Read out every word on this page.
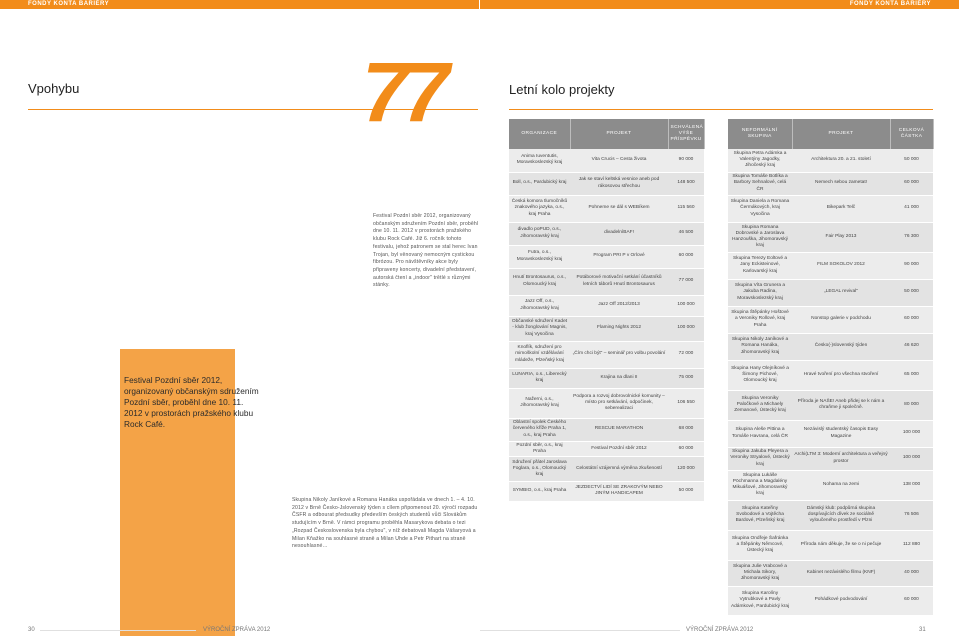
FONDY KONTA BARIÉRY	FONDY KONTA BARIÉRY
Vpohybu	Letní kolo projekty
77
Festival Pozdní sběr 2012, organizovaný občanským sdružením Pozdní sběr, proběhl dne 10. 11. 2012 v prostorách pražského klubu Rock Café.
Festival Pozdní sběr 2012, organizovaný občanským sdružením Pozdní sběr, proběhl dne 10. 11. 2012 v prostorách pražského klubu Rock Café. Již 6. ročník tohoto festivalu, jehož patronem se stal herec Ivan Trojan, byl věnovaný nemocným cystickou fibrózou. Pro návštěvníky akce byly připraveny koncerty, divadelní představení, autorská čtení a „indoor" trětlé s různými stánky.
Skupina Nikoly Janíkové a Romana Hanáka uspořádala ve dnech 1. – 4. 10. 2012 v Brně Česko-Jslovenský týden s cílem připomenout 20. výročí rozpadu ČSFR a odbourat předsudky především českých studentů vůči Slovákům studujícím v Brně. V rámci programu proběhla Masarykova debata o tezi „Rozpad Československa byla chybou", v níž debatovali Magda Vášaryová a Milan Kňažko na souhlasné straně a Milan Uhde a Petr Pithart na straně nesouhlasné…
ORGANIZACE	PROJEKT	SCHVÁLENÁ VÝŠE PŘÍSPĚVKU
Anima Iuventutis, Moravskoslezský kraj	Vita Crucis – Cesta života	90 000
Boll, o.s., Pardubický kraj	Jak se staví keltská vesnice aneb pod rákosovou střechou	148 500
Česká komora tlumočníků znakového jazyka, o.s., kraj Praha	Pohneme se dál s WEBíkem	115 560
divadlo poPUD, o.s., Jihomoravský kraj	divadelníBAF!	46 500
Futra, o.s., Moravskoslezský kraj	Program PRI P v Orlové	60 000
Hnutí Brontosaurus, o.s., Olomoucký kraj	Potáborové motivační setkání účastníků letních táborů Hnutí Brontosaurus	77 000
Jazz Off, o.s., Jihomoravský kraj	Jazz Off 2012/2013	100 000
Občanské sdružení Kadet - klub žonglování Magnis, kraj Vysočina	Flaming Nights 2012	100 000
Knoflík, sdružení pro mimoškolní vzdělávání mládeže, Plzeňský kraj	„Čím chci být" – seminář pro volbu povolání	72 000
LUNARIA, o.s., Liberecký kraj	Krajina na dlani II	75 000
Nažerni, o.s., Jihomoravský kraj	Podpora a rozvoj dobrovolnické komunity – místo pro setkávání, odpočinek, seberealizaci	106 550
Oblastní spolek Českého červeného kříže Praha 1, o.s., kraj Praha	RESCUE MARATHON	68 000
Pozdní sběr, o.s., kraj Praha	Festival Pozdní sběr 2012	60 000
Sdružení přátel Jaroslava Foglara, o.s., Olomoucký kraj	Celostátní vzájemná výměna zkušeností	120 000
SYMBIO, o.s., kraj Praha	JEZDECTVÍ LIDÍ SE ZRAKOVÝM NEBO JINÝM HANDICAPEM	50 000
NEFORMÁLNÍ SKUPINA	PROJEKT	CELKOVÁ ČÁSTKA
Skupina Petra Adámka a Valentýny Jagodky, Jihočeský kraj	Architektura 20. a 21. století	50 000
Skupina Tomáše Botlíka a Barbory Sehnalové, celá ČR	Nemech sebou zametat!	60 000
Skupina Daniela a Romana Čermákových, kraj Vysočina	Bikepark Telč	41 000
Skupina Romana Dobrovské a Jaroslava Hanzouška, Jihomoravský kraj	Fair Play 2013	76 300
Skupina Terezy Eoltové a Jany Eckisteinové, Karlovarský kraj	FILM SOKOLOV 2012	90 000
Skupina Víta Grunera a Jakuba Radina, Moravskoslezský kraj	„LEGAL revival"	50 000
Skupina Štěpánky Hoštové a Veroniky Rollové, kraj Praha	Nonstop galerie v podchodu	60 000
Skupina Nikoly Janíkové a Romana Hanáka, Jihomoravský kraj	Česko(-)slovenský týden	46 620
Skupina Hany Olejníkové a Šimony Pichové, Olomoucký kraj	Hravé tvoření pro všechna stvoření	65 000
Skupina Veroniky Paločkové a Michaely Zemanové, Ústecký kraj	Příroda je NAŠE! Aneb přidej se k nám a chraňme ji společně.	80 000
Skupina Aleše Pittina a Tomáše Havrana, celá ČR	Nezávislý studentský časopis Easy Magazine	100 000
Skupina Jakuba Pleyera a Veroniky Stryalové, Ústecký kraj	Archi(LTM 3: Moderní architektura a veřejný prostor	100 000
Skupina Lukáše Pöchmanna a Magdalény Mikuášové, Jihomoravský kraj	Nohama na zemi	138 000
Skupina Kateřiny Svobodové a Vojtěcha Bardové, Plzeňský kraj	Dámský klub: podpůrná skupina dospívajících dívek ze sociálně vyloučeného prostředí v Plzni	76 506
Skupina Ondřeje Šafránka a Štěpánky Němcové, Ústecký kraj	Příroda nám děkuje, že se o ni pečuje	112 880
Skupina Julie Vrabcové a Michala Sikory, Jihomoravský kraj	Kabinet nezávislého filmu (KNF)	40 000
Skupina Karolíny Vytrubkové a Pavly Adámkové, Pardubický kraj	Pohádkové podvodování	60 000
30	VÝROČNÍ ZPRÁVA 2012	VÝROČNÍ ZPRÁVA 2012	31
